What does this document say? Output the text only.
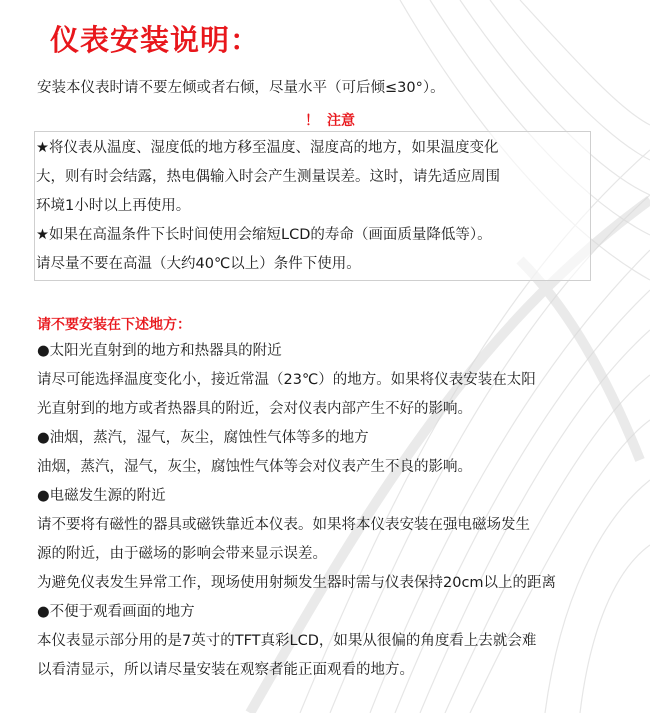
仪表安装说明：
安装本仪表时请不要左倾或者右倾，尽量水平（可后倾≤30°）。
！ 注意
★将仪表从温度、湿度低的地方移至温度、湿度高的地方，如果温度变化
大，则有时会结露，热电偶输入时会产生测量误差。这时，请先适应周围
环境1小时以上再使用。
★如果在高温条件下长时间使用会缩短LCD的寿命（画面质量降低等）。
请尽量不要在高温（大约40℃以上）条件下使用。
请不要安装在下述地方：
●太阳光直射到的地方和热器具的附近
请尽可能选择温度变化小，接近常温（23℃）的地方。如果将仪表安装在太阳
光直射到的地方或者热器具的附近，会对仪表内部产生不好的影响。
●油烟，蒸汽，湿气，灰尘，腐蚀性气体等多的地方
油烟，蒸汽，湿气，灰尘，腐蚀性气体等会对仪表产生不良的影响。
●电磁发生源的附近
请不要将有磁性的器具或磁铁靠近本仪表。如果将本仪表安装在强电磁场发生
源的附近，由于磁场的影响会带来显示误差。
为避免仪表发生异常工作，现场使用射频发生器时需与仪表保持20cm以上的距离
●不便于观看画面的地方
本仪表显示部分用的是7英寸的TFT真彩LCD，如果从很偏的角度看上去就会难
以看清显示，所以请尽量安装在观察者能正面观看的地方。
